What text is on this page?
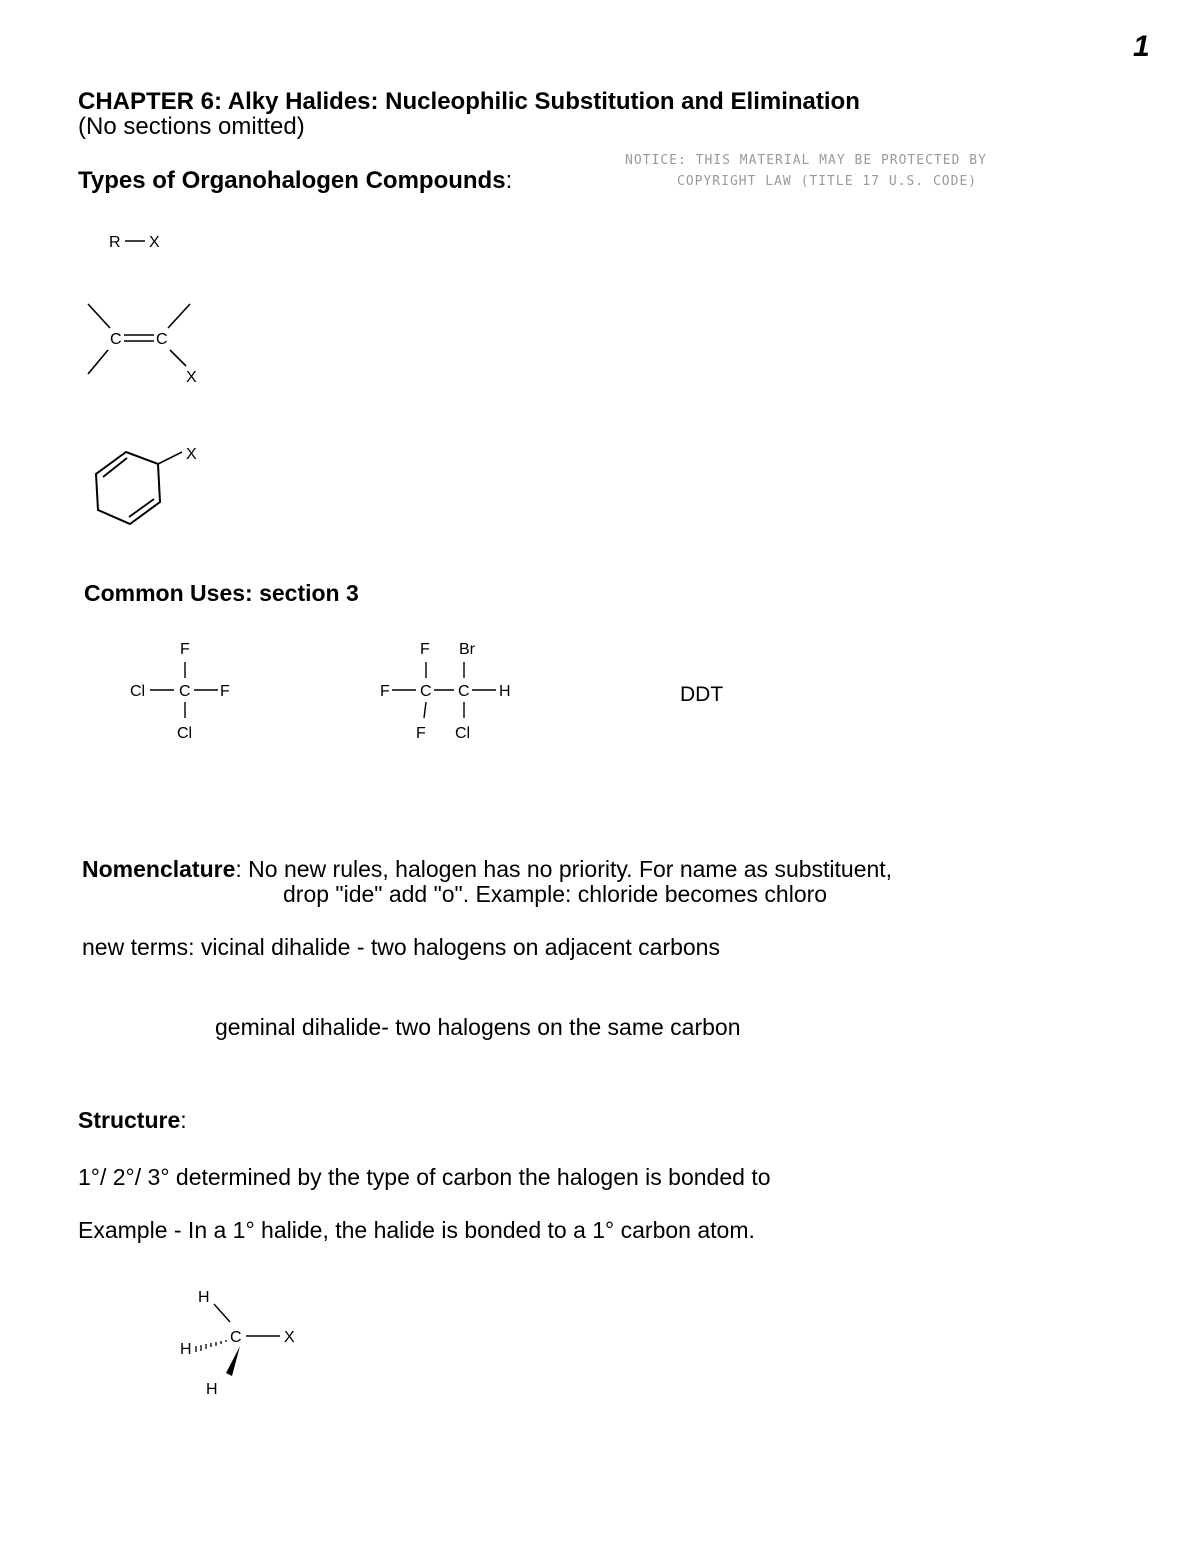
1
CHAPTER 6: Alky Halides: Nucleophilic Substitution and Elimination
(No sections omitted)
NOTICE: THIS MATERIAL MAY BE PROTECTED BY
COPYRIGHT LAW (TITLE 17 U.S. CODE)
Types of Organohalogen Compounds:
R X
C C
X
X
Common Uses: section 3
F
Cl C F
Cl
F Br
F C C H
F Cl
DDT
Nomenclature: No new rules, halogen has no priority. For name as substituent,
drop "ide" add "o". Example: chloride becomes chloro
new terms: vicinal dihalide - two halogens on adjacent carbons
geminal dihalide- two halogens on the same carbon
Structure:
1°/ 2°/ 3° determined by the type of carbon the halogen is bonded to
Example - In a 1° halide, the halide is bonded to a 1° carbon atom.
H
H
C	X
H
